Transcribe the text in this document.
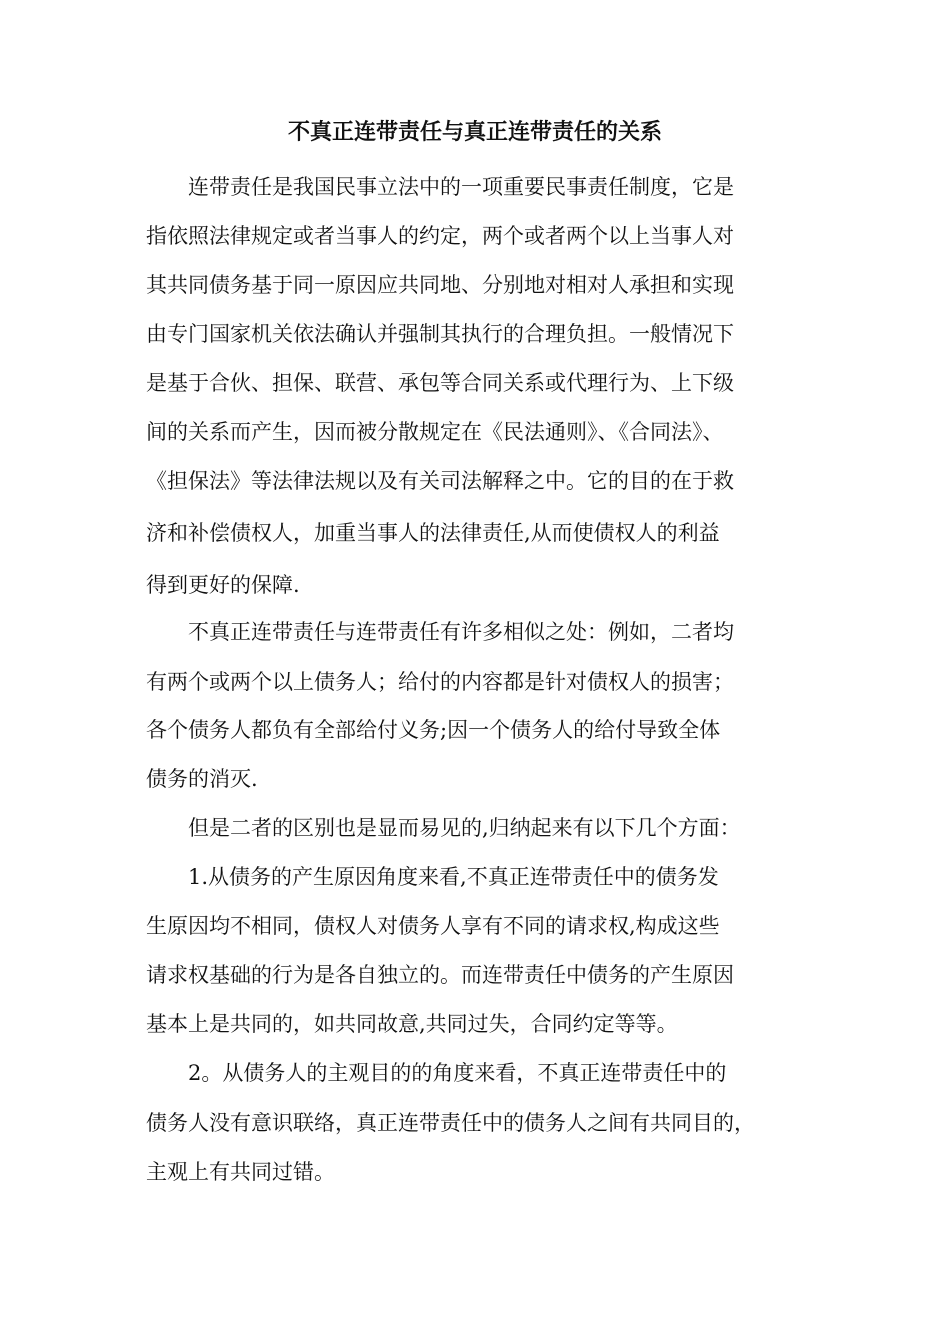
不真正连带责任与真正连带责任的关系
　　连带责任是我国民事立法中的一项重要民事责任制度，它是
指依照法律规定或者当事人的约定，两个或者两个以上当事人对
其共同债务基于同一原因应共同地、分别地对相对人承担和实现
由专门国家机关依法确认并强制其执行的合理负担。一般情况下
是基于合伙、担保、联营、承包等合同关系或代理行为、上下级
间的关系而产生，因而被分散规定在《民法通则》、《合同法》、
《担保法》等法律法规以及有关司法解释之中。它的目的在于救
济和补偿债权人，加重当事人的法律责任,从而使债权人的利益
得到更好的保障.
　　不真正连带责任与连带责任有许多相似之处：例如，二者均
有两个或两个以上债务人；给付的内容都是针对债权人的损害；
各个债务人都负有全部给付义务;因一个债务人的给付导致全体
债务的消灭.
　　但是二者的区别也是显而易见的,归纳起来有以下几个方面：
　　1.从债务的产生原因角度来看,不真正连带责任中的债务发
生原因均不相同，债权人对债务人享有不同的请求权,构成这些
请求权基础的行为是各自独立的。而连带责任中债务的产生原因
基本上是共同的，如共同故意,共同过失，合同约定等等。
　　2。从债务人的主观目的的角度来看，不真正连带责任中的
债务人没有意识联络，真正连带责任中的债务人之间有共同目的，
主观上有共同过错。
